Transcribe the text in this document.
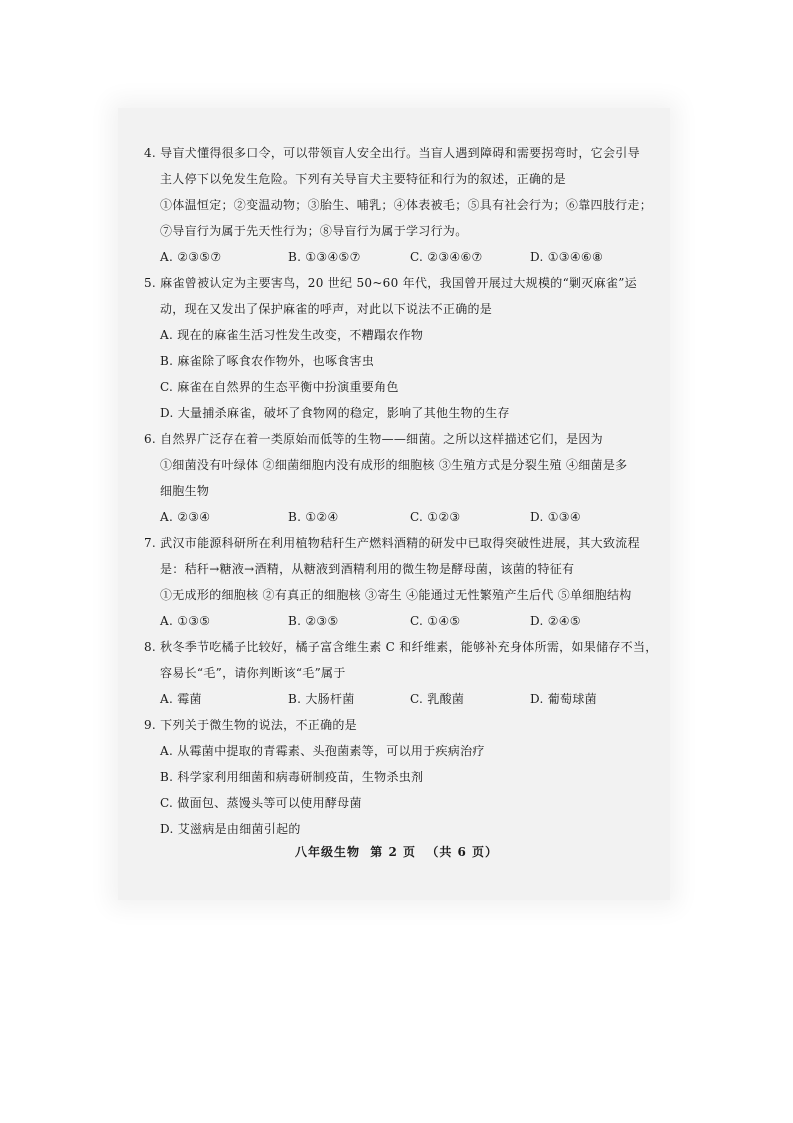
4. 导盲犬懂得很多口令，可以带领盲人安全出行。当盲人遇到障碍和需要拐弯时，它会引导
主人停下以免发生危险。下列有关导盲犬主要特征和行为的叙述，正确的是
①体温恒定；②变温动物；③胎生、哺乳；④体表被毛；⑤具有社会行为；⑥靠四肢行走；
⑦导盲行为属于先天性行为；⑧导盲行为属于学习行为。
A. ②③⑤⑦	B. ①③④⑤⑦	C. ②③④⑥⑦	D. ①③④⑥⑧
5. 麻雀曾被认定为主要害鸟，20 世纪 50~60 年代，我国曾开展过大规模的“剿灭麻雀”运
动，现在又发出了保护麻雀的呼声，对此以下说法不正确的是
A. 现在的麻雀生活习性发生改变，不糟蹋农作物
B. 麻雀除了啄食农作物外，也啄食害虫
C. 麻雀在自然界的生态平衡中扮演重要角色
D. 大量捕杀麻雀，破坏了食物网的稳定，影响了其他生物的生存
6. 自然界广泛存在着一类原始而低等的生物——细菌。之所以这样描述它们，是因为
①细菌没有叶绿体 ②细菌细胞内没有成形的细胞核 ③生殖方式是分裂生殖 ④细菌是多
细胞生物
A. ②③④	B. ①②④	C. ①②③	D. ①③④
7. 武汉市能源科研所在利用植物秸秆生产燃料酒精的研发中已取得突破性进展，其大致流程
是：秸秆→糖液→酒精，从糖液到酒精利用的微生物是酵母菌，该菌的特征有
①无成形的细胞核 ②有真正的细胞核 ③寄生 ④能通过无性繁殖产生后代 ⑤单细胞结构
A. ①③⑤	B. ②③⑤	C. ①④⑤	D. ②④⑤
8. 秋冬季节吃橘子比较好，橘子富含维生素 C 和纤维素，能够补充身体所需，如果储存不当，
容易长“毛”，请你判断该“毛”属于
A. 霉菌	B. 大肠杆菌	C. 乳酸菌	D. 葡萄球菌
9. 下列关于微生物的说法，不正确的是
A. 从霉菌中提取的青霉素、头孢菌素等，可以用于疾病治疗
B. 科学家利用细菌和病毒研制疫苗，生物杀虫剂
C. 做面包、蒸馒头等可以使用酵母菌
D. 艾滋病是由细菌引起的
八年级生物  第 2 页  （共 6 页）
